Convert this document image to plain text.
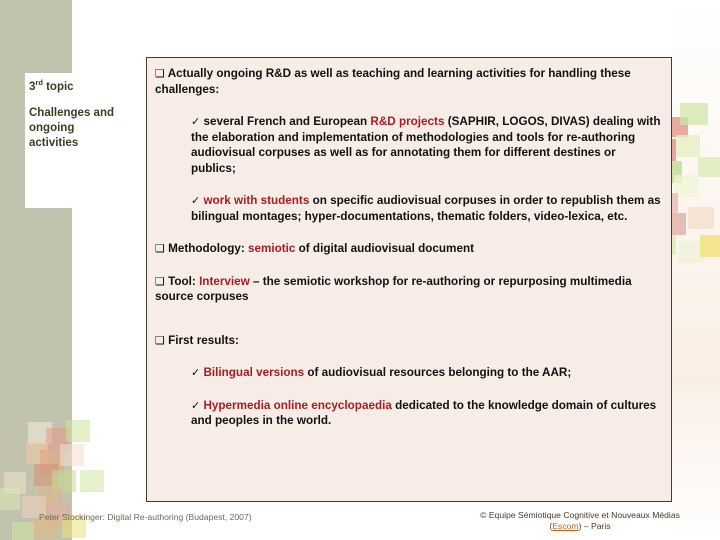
3rd topic
Challenges and ongoing activities
❑ Actually ongoing R&D as well as teaching and learning activities for handling these challenges:
✓ several French and European R&D projects (SAPHIR, LOGOS, DIVAS) dealing with the elaboration and implementation of methodologies and tools for re-authoring audiovisual corpuses as well as for annotating them for different destines or publics;
✓ work with students on specific audiovisual corpuses in order to republish them as bilingual montages; hyper-documentations, thematic folders, video-lexica, etc.
❑ Methodology: semiotic of digital audiovisual document
❑ Tool: Interview – the semiotic workshop for re-authoring or repurposing multimedia source corpuses
❑ First results:
✓ Bilingual versions of audiovisual resources belonging to the AAR;
✓ Hypermedia online encyclopaedia dedicated to the knowledge domain of cultures and peoples in the world.
Peter Stockinger: Digital Re-authoring (Budapest, 2007)	© Equipe Sémiotique Cognitive et Nouveaux Médias
(Escom) – Paris
